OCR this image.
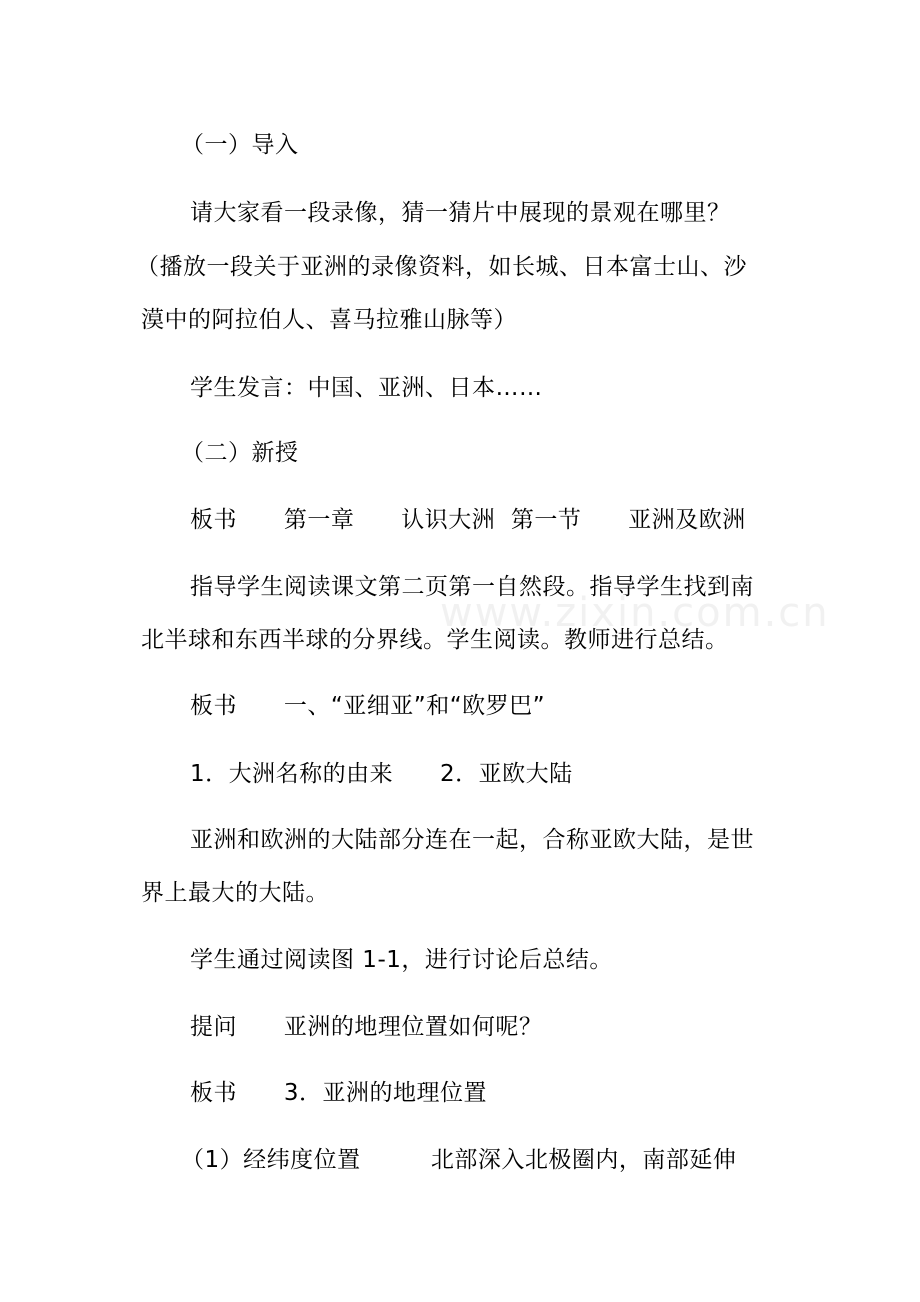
www.zixin.com.cn
（一）导入
请大家看一段录像，猜一猜片中展现的景观在哪里？
（播放一段关于亚洲的录像资料，如长城、日本富士山、沙
漠中的阿拉伯人、喜马拉雅山脉等）
学生发言：中国、亚洲、日本……
（二）新授
板书      第一章      认识大洲  第一节      亚洲及欧洲
指导学生阅读课文第二页第一自然段。指导学生找到南
北半球和东西半球的分界线。学生阅读。教师进行总结。
板书      一、“亚细亚”和“欧罗巴”
1．大洲名称的由来      2．亚欧大陆
亚洲和欧洲的大陆部分连在一起，合称亚欧大陆，是世
界上最大的大陆。
学生通过阅读图 1-1，进行讨论后总结。
提问      亚洲的地理位置如何呢？
板书      3．亚洲的地理位置
（1）经纬度位置         北部深入北极圈内，南部延伸
